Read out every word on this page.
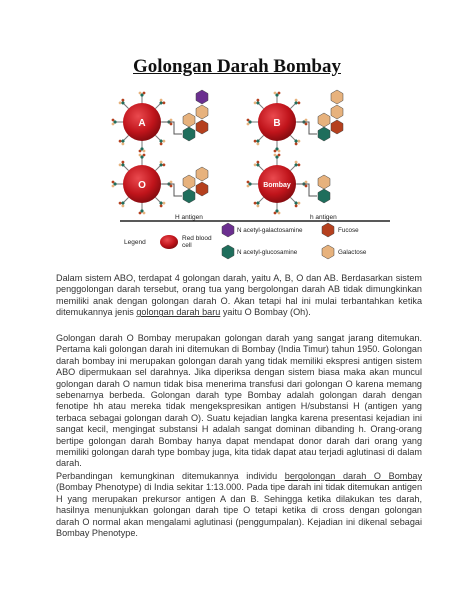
Golongan Darah Bombay
A	B
O	Bombay
H antigen	h antigen
Legend
Red blood cell
N acetyl-galactosamine	Fucose
N acetyl-glucosamine	Galactose

Dalam sistem ABO, terdapat 4 golongan darah, yaitu A, B, O dan AB. Berdasarkan sistem penggolongan darah tersebut, orang tua yang bergolongan darah AB tidak dimungkinkan memiliki anak dengan golongan darah O. Akan tetapi hal ini mulai terbantahkan ketika ditemukannya jenis golongan darah baru yaitu O Bombay (Oh).

Golongan darah O Bombay merupakan golongan darah yang sangat jarang ditemukan. Pertama kali golongan darah ini ditemukan di Bombay (India Timur) tahun 1950. Golongan darah bombay ini merupakan golongan darah yang tidak memiliki ekspresi antigen sistem ABO dipermukaan sel darahnya. Jika diperiksa dengan sistem biasa maka akan muncul golongan darah O namun tidak bisa menerima transfusi dari golongan O karena memang sebenarnya berbeda. Golongan darah type Bombay adalah golongan darah dengan fenotipe hh atau mereka tidak mengekspresikan antigen H/substansi H (antigen yang terbaca sebagai golongan darah O). Suatu kejadian langka karena presentasi kejadian ini sangat kecil, mengingat substansi H adalah sangat dominan dibanding h. Orang-orang bertipe golongan darah Bombay hanya dapat mendapat donor darah dari orang yang memiliki golongan darah type bombay juga, kita tidak dapat atau terjadi aglutinasi di dalam darah.

Perbandingan kemungkinan ditemukannya individu bergolongan darah O Bombay (Bombay Phenotype) di India sekitar 1:13.000. Pada tipe darah ini tidak ditemukan antigen H yang merupakan prekursor antigen A dan B. Sehingga ketika dilakukan tes darah, hasilnya menunjukkan golongan darah tipe O tetapi ketika di cross dengan golongan darah O normal akan mengalami aglutinasi (penggumpalan). Kejadian ini dikenal sebagai Bombay Phenotype.
